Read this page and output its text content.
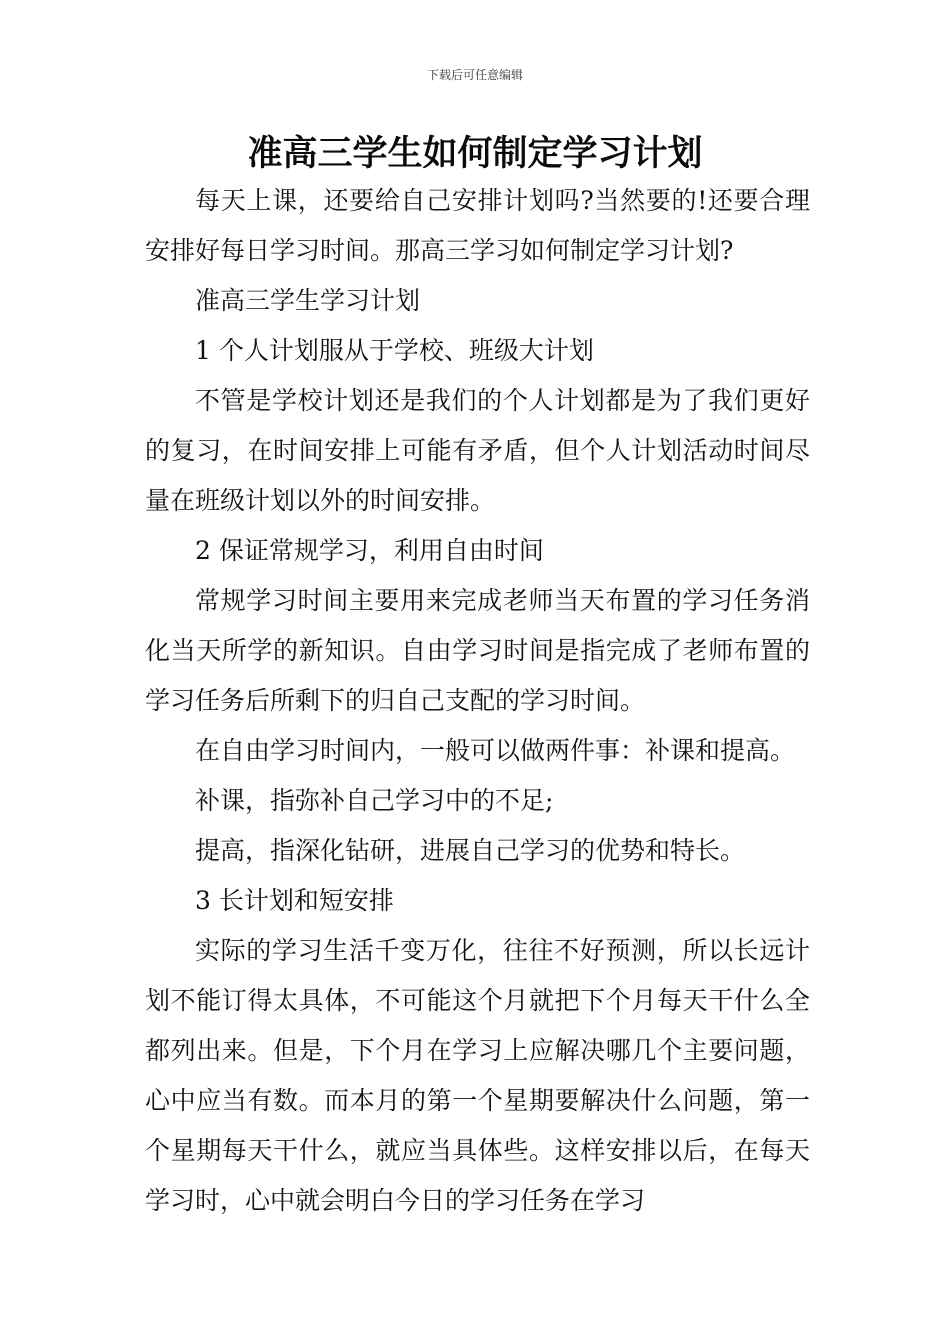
下载后可任意编辑
准高三学生如何制定学习计划

每天上课，还要给自己安排计划吗?当然要的!还要合理安排好每日学习时间。那高三学习如何制定学习计划?

准高三学生学习计划

1 个人计划服从于学校、班级大计划

不管是学校计划还是我们的个人计划都是为了我们更好的复习，在时间安排上可能有矛盾，但个人计划活动时间尽量在班级计划以外的时间安排。

2 保证常规学习，利用自由时间

常规学习时间主要用来完成老师当天布置的学习任务消化当天所学的新知识。自由学习时间是指完成了老师布置的学习任务后所剩下的归自己支配的学习时间。

在自由学习时间内，一般可以做两件事：补课和提高。

补课，指弥补自己学习中的不足;

提高，指深化钻研，进展自己学习的优势和特长。

3 长计划和短安排

实际的学习生活千变万化，往往不好预测，所以长远计划不能订得太具体，不可能这个月就把下个月每天干什么全都列出来。但是，下个月在学习上应解决哪几个主要问题，心中应当有数。而本月的第一个星期要解决什么问题，第一个星期每天干什么，就应当具体些。这样安排以后，在每天学习时，心中就会明白今日的学习任务在学习
